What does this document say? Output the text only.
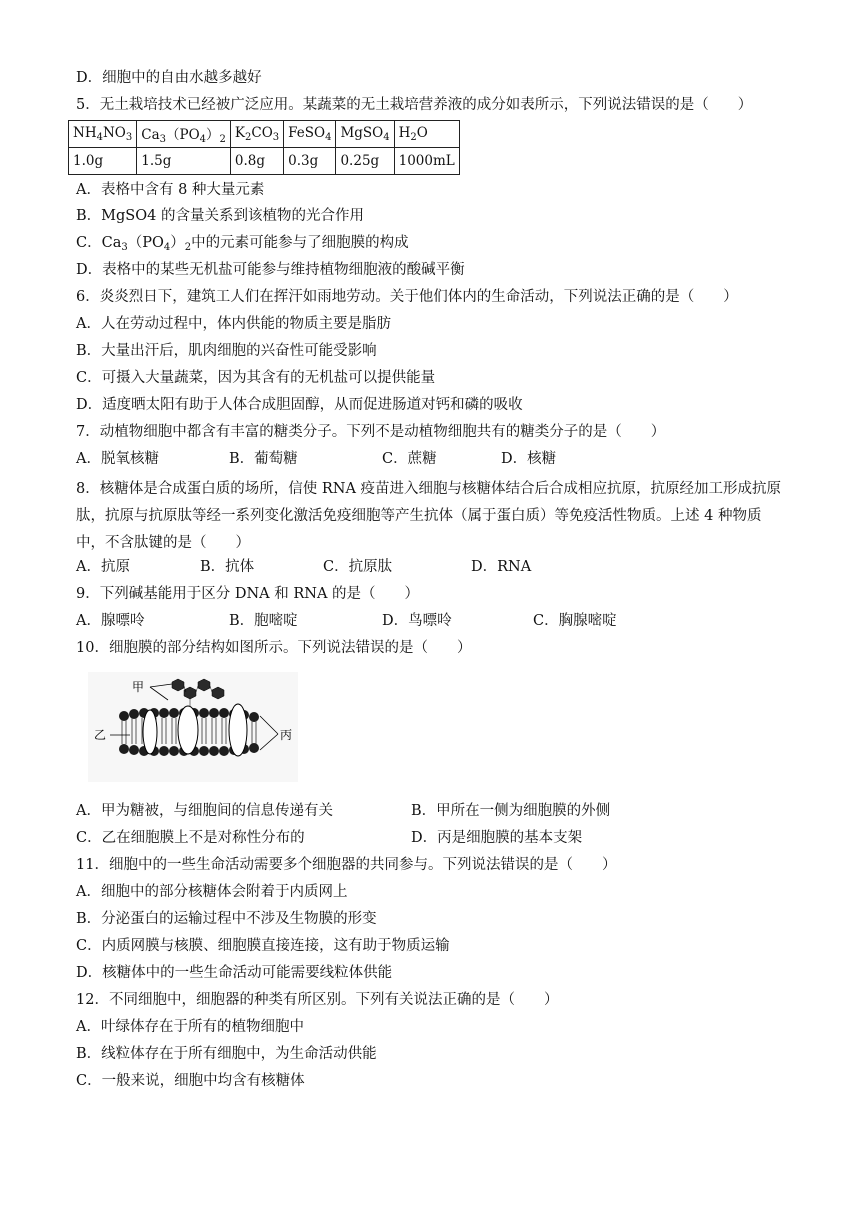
D．细胞中的自由水越多越好
5．无土栽培技术已经被广泛应用。某蔬菜的无土栽培营养液的成分如表所示，下列说法错误的是（　　）
$NH_4NO_3$	$Ca_3(PO_4)_2$	$K_2CO_3$	FeSO$_4$	MgSO$_4$	$H_2O$
1.0g	1.5g	0.8g	0.3g	0.25g	1000mL
A．表格中含有 8 种大量元素
B．MgSO4 的含量关系到该植物的光合作用
C．$Ca_3(PO_4)_2$中的元素可能参与了细胞膜的构成
D．表格中的某些无机盐可能参与维持植物细胞液的酸碱平衡
6．炎炎烈日下，建筑工人们在挥汗如雨地劳动。关于他们体内的生命活动，下列说法正确的是（　　）
A．人在劳动过程中，体内供能的物质主要是脂肪
B．大量出汗后，肌肉细胞的兴奋性可能受影响
C．可摄入大量蔬菜，因为其含有的无机盐可以提供能量
D．适度晒太阳有助于人体合成胆固醇，从而促进肠道对钙和磷的吸收
7．动植物细胞中都含有丰富的糖类分子。下列不是动植物细胞共有的糖类分子的是（　　）
A．脱氧核糖	B．葡萄糖	C．蔗糖	D．核糖
8．核糖体是合成蛋白质的场所，信使 RNA 疫苗进入细胞与核糖体结合后合成相应抗原，抗原经加工形成抗原肽，抗原与抗原肽等经一系列变化激活免疫细胞等产生抗体（属于蛋白质）等免疫活性物质。上述 4 种物质中，不含肽键的是（　　）
A．抗原	B．抗体	C．抗原肽	D．RNA
9．下列碱基能用于区分 DNA 和 RNA 的是（　　）
A．腺嘌呤	B．胞嘧啶	D．鸟嘌呤	C．胸腺嘧啶
10．细胞膜的部分结构如图所示。下列说法错误的是（　　）
甲
乙	丙
A．甲为糖被，与细胞间的信息传递有关	B．甲所在一侧为细胞膜的外侧
C．乙在细胞膜上不是对称性分布的	D．丙是细胞膜的基本支架
11．细胞中的一些生命活动需要多个细胞器的共同参与。下列说法错误的是（　　）
A．细胞中的部分核糖体会附着于内质网上
B．分泌蛋白的运输过程中不涉及生物膜的形变
C．内质网膜与核膜、细胞膜直接连接，这有助于物质运输
D．核糖体中的一些生命活动可能需要线粒体供能
12．不同细胞中，细胞器的种类有所区别。下列有关说法正确的是（　　）
A．叶绿体存在于所有的植物细胞中
B．线粒体存在于所有细胞中，为生命活动供能
C．一般来说，细胞中均含有核糖体
